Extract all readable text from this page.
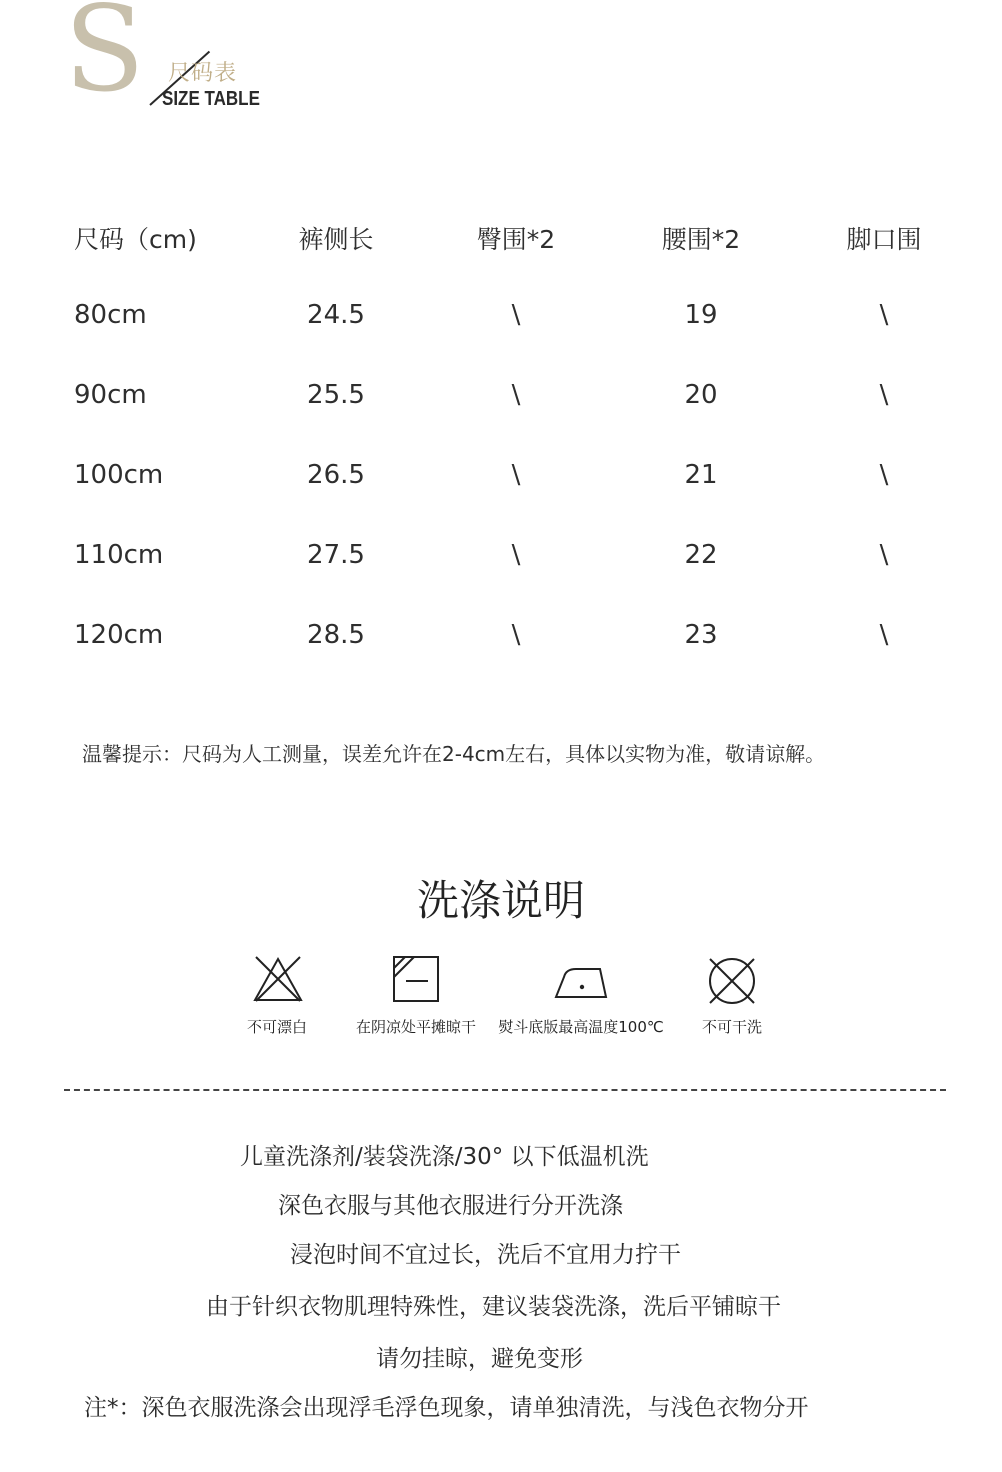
S 尺码表
SIZE TABLE
尺码（cm)	裤侧长	臀围*2	腰围*2	脚口围
80cm	24.5	\	19	\
90cm	25.5	\	20	\
100cm	26.5	\	21	\
110cm	27.5	\	22	\
120cm	28.5	\	23	\
温馨提示：尺码为人工测量，误差允许在2-4cm左右，具体以实物为准，敬请谅解。
洗涤说明
不可漂白	在阴凉处平摊晾干 熨斗底版最高温度100℃	不可干洗
儿童洗涤剂/装袋洗涤/30° 以下低温机洗
深色衣服与其他衣服进行分开洗涤
浸泡时间不宜过长，洗后不宜用力拧干
由于针织衣物肌理特殊性，建议装袋洗涤，洗后平铺晾干
请勿挂晾，避免变形
注*：深色衣服洗涤会出现浮毛浮色现象，请单独清洗，与浅色衣物分开
